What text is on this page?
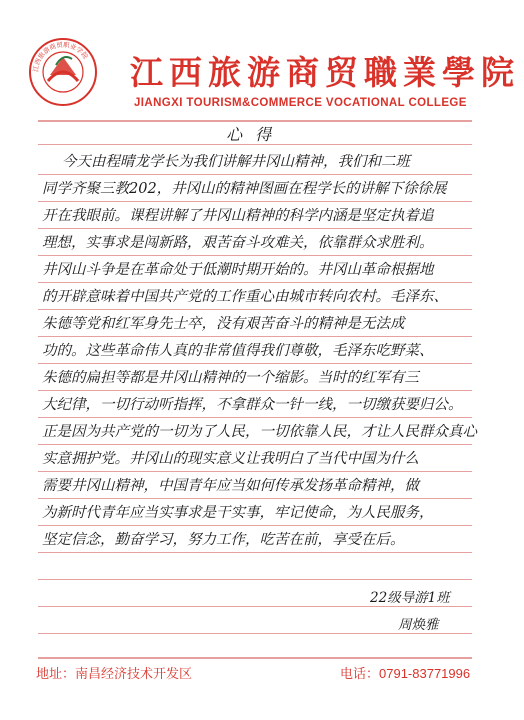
江西旅游商贸职业学院 江西旅游商贸職業學院
JIANGXI TOURISM&COMMERCE VOCATIONAL COLLEGE
心 得
今天由程晴龙学长为我们讲解井冈山精神，我们和二班
同学齐聚三教202，井冈山的精神图画在程学长的讲解下徐徐展
开在我眼前。课程讲解了井冈山精神的科学内涵是坚定执着追
理想，实事求是闯新路，艰苦奋斗攻难关，依靠群众求胜利。
井冈山斗争是在革命处于低潮时期开始的。井冈山革命根据地
的开辟意味着中国共产党的工作重心由城市转向农村。毛泽东、
朱德等党和红军身先士卒，没有艰苦奋斗的精神是无法成
功的。这些革命伟人真的非常值得我们尊敬，毛泽东吃野菜、
朱德的扁担等都是井冈山精神的一个缩影。当时的红军有三
大纪律，一切行动听指挥，不拿群众一针一线，一切缴获要归公。
正是因为共产党的一切为了人民，一切依靠人民，才让人民群众真心
实意拥护党。井冈山的现实意义让我明白了当代中国为什么
需要井冈山精神，中国青年应当如何传承发扬革命精神，做
为新时代青年应当实事求是干实事，牢记使命，为人民服务，
坚定信念，勤奋学习，努力工作，吃苦在前，享受在后。
22级导游1班
周焕雅
地址：南昌经济技术开发区	电话：0791-83771996
